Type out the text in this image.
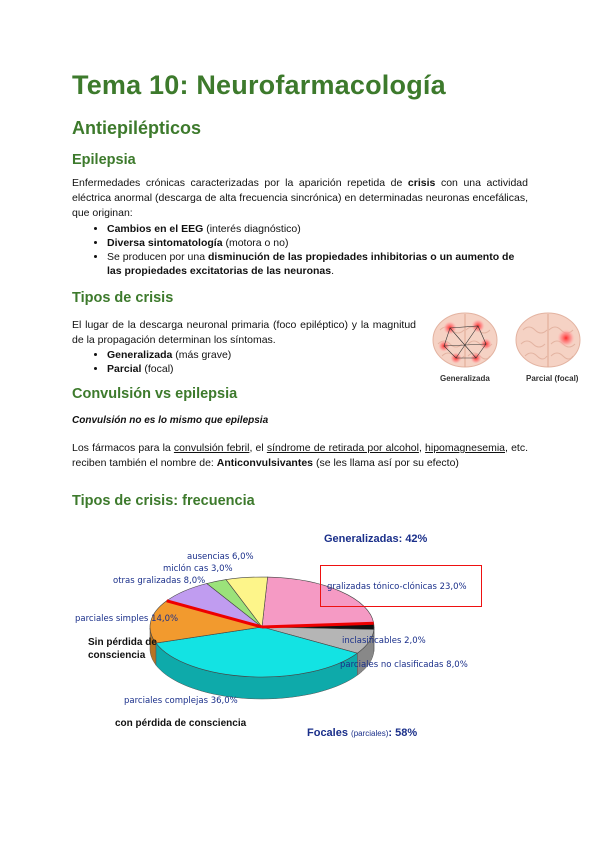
Tema 10: Neurofarmacología
Antiepilépticos
Epilepsia

Enfermedades crónicas caracterizadas por la aparición repetida de crisis con una actividad eléctrica anormal (descarga de alta frecuencia sincrónica) en determinadas neuronas encefálicas, que originan:

• Cambios en el EEG (interés diagnóstico)
• Diversa sintomatología (motora o no)
• Se producen por una disminución de las propiedades inhibitorias o un aumento de las propiedades excitatorias de las neuronas.
Tipos de crisis

El lugar de la descarga neuronal primaria (foco epiléptico) y la magnitud de la propagación determinan los síntomas.

• Generalizada (más grave)
• Parcial (focal)
Generalizada	Parcial (focal)
Convulsión vs epilepsia

Convulsión no es lo mismo que epilepsia

Los fármacos para la convulsión febril, el síndrome de retirada por alcohol, hipomagnesemia, etc. reciben también el nombre de: Anticonvulsivantes (se les llama así por su efecto)

Tipos de crisis: frecuencia
Generalizadas: 42%
Focales (parciales): 58%
ausencias 6,0%
miclón cas 3,0%
otras gralizadas 8,0%
gralizadas tónico-clónicas 23,0%
parciales simples 14,0%
inclasificables 2,0%
parciales no clasificadas 8,0%
parciales complejas 36,0%
Sin pérdida de consciencia
con pérdida de consciencia
